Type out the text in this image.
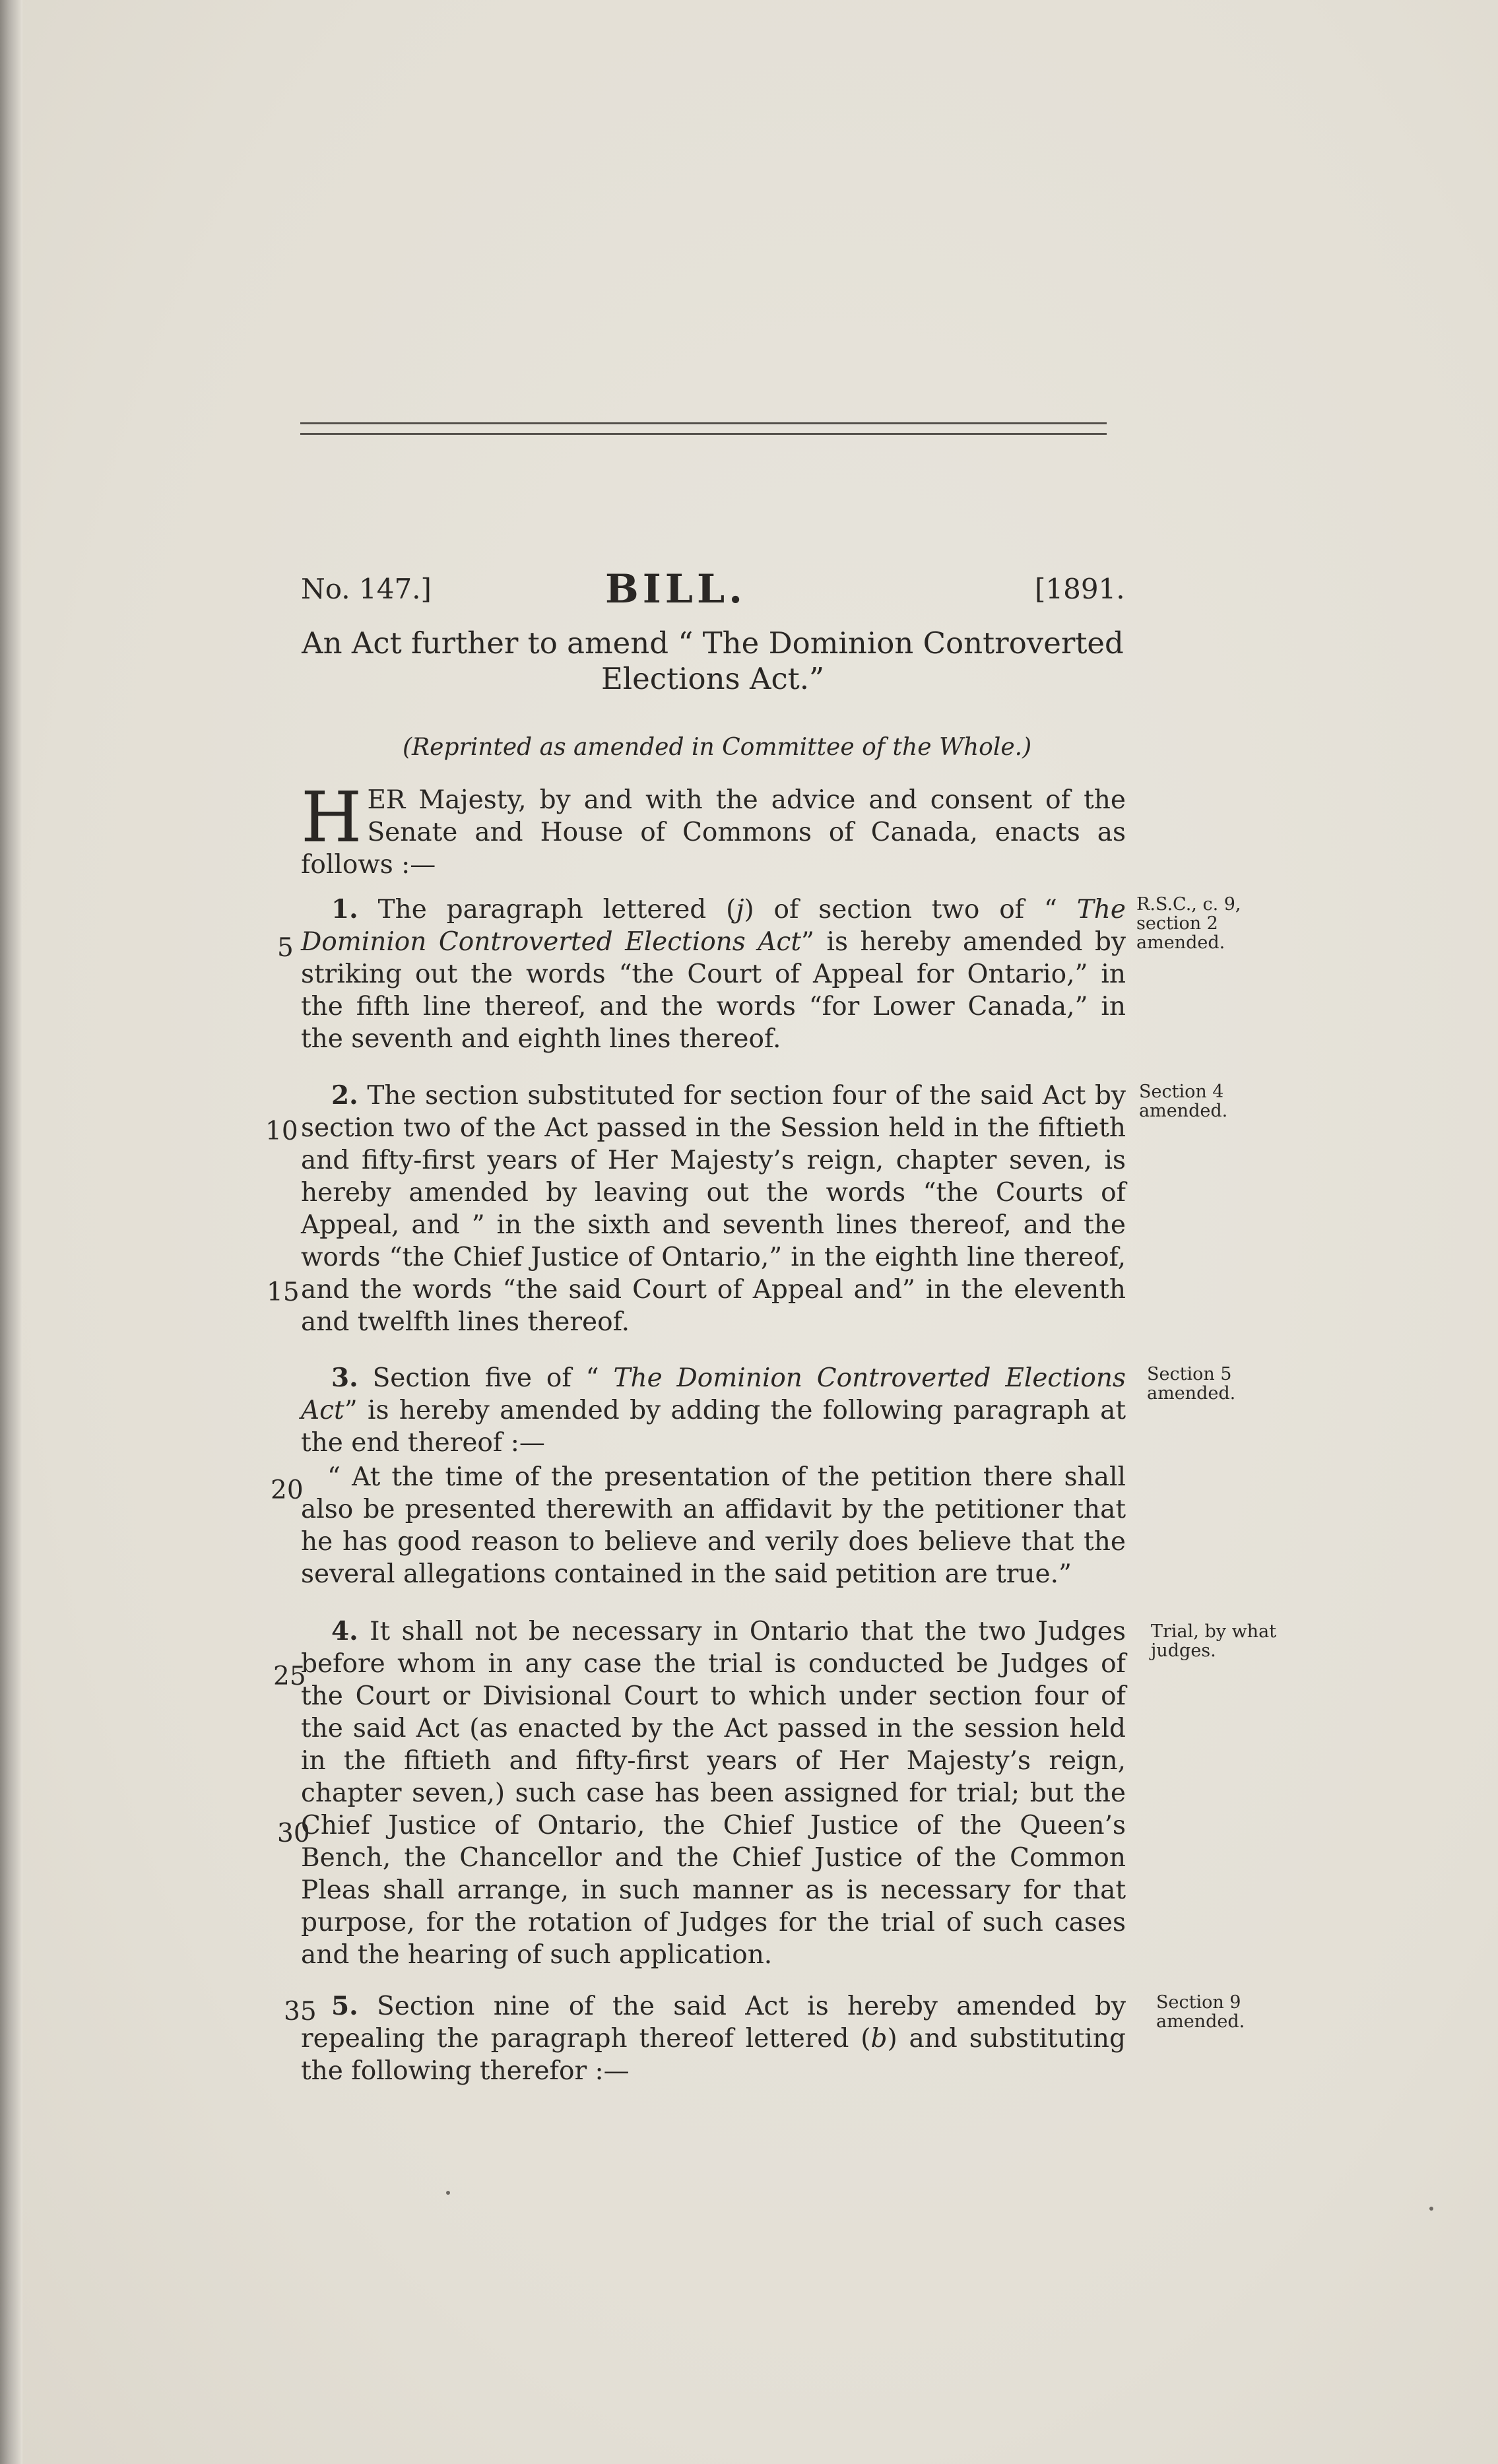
No. 147.]	BILL.	[1891.
An Act further to amend “ The Dominion Controverted Elections Act.”
(Reprinted as amended in Committee of the Whole.)
HER Majesty, by and with the advice and consent of the Senate and House of Commons of Canada, enacts as follows :—
1. The paragraph lettered (j) of section two of “ The Dominion Controverted Elections Act” is hereby amended by striking out the words “the Court of Appeal for Ontario,” in the fifth line thereof, and the words “for Lower Canada,” in the seventh and eighth lines thereof.
R.S.C., c. 9, section 2 amended.
2. The section substituted for section four of the said Act by section two of the Act passed in the Session held in the fiftieth and fifty-first years of Her Majesty’s reign, chapter seven, is hereby amended by leaving out the words “the Courts of Appeal, and ” in the sixth and seventh lines thereof, and the words “the Chief Justice of Ontario,” in the eighth line thereof, and the words “the said Court of Appeal and” in the eleventh and twelfth lines thereof.
Section 4 amended.
3. Section five of “ The Dominion Controverted Elections Act” is hereby amended by adding the following paragraph at the end thereof :—
“ At the time of the presentation of the petition there shall also be presented therewith an affidavit by the petitioner that he has good reason to believe and verily does believe that the several allegations contained in the said petition are true.”
Section 5 amended.
4. It shall not be necessary in Ontario that the two Judges before whom in any case the trial is conducted be Judges of the Court or Divisional Court to which under section four of the said Act (as enacted by the Act passed in the session held in the fiftieth and fifty-first years of Her Majesty’s reign, chapter seven,) such case has been assigned for trial; but the Chief Justice of Ontario, the Chief Justice of the Queen’s Bench, the Chancellor and the Chief Justice of the Common Pleas shall arrange, in such manner as is necessary for that purpose, for the rotation of Judges for the trial of such cases and the hearing of such application.
Trial, by what judges.
5. Section nine of the said Act is hereby amended by repealing the paragraph thereof lettered (b) and substituting the following therefor :—
Section 9 amended.
5
10
15
20
25
30
35
